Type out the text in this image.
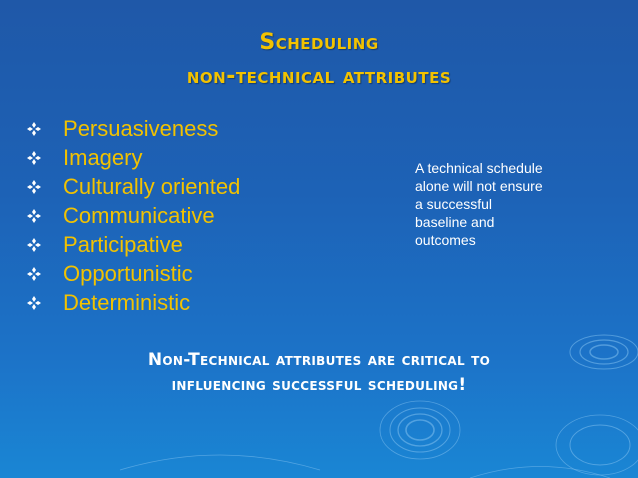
Scheduling
non-technical attributes
Persuasiveness
Imagery
Culturally oriented
Communicative
Participative
Opportunistic
Deterministic
A technical schedule alone will not ensure a successful baseline and outcomes
Non-Technical attributes are critical to
influencing successful scheduling!
